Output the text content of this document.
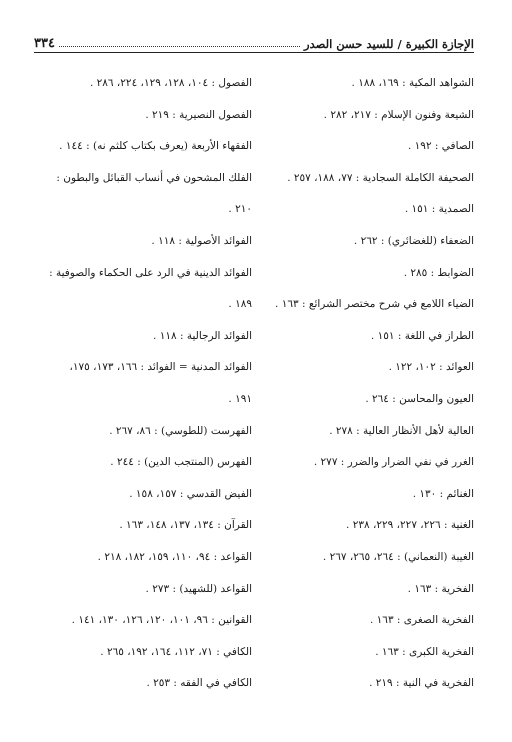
٣٣٤	الإجازة الكبيرة / للسيد حسن الصدر
الشواهد المكية : ١٦٩، ١٨٨ .
الشيعة وفنون الإسلام : ٢١٧، ٢٨٢ .
الصافي : ١٩٢ .
الصحيفة الكاملة السجادية : ٧٧، ١٨٨، ٢٥٧ .
الصمدية : ١٥١ .
الضعفاء (للغضائري) : ٢٦٢ .
الضوابط : ٢٨٥ .
الضياء اللامع في شرح مختصر الشرائع : ١٦٣ .
الطراز في اللغة : ١٥١ .
العوائد : ١٠٢، ١٢٢ .
العيون والمحاسن : ٢٦٤ .
العالية لأهل الأنظار العالية : ٢٧٨ .
الغرر في نفي الضرار والضرر : ٢٧٧ .
الغنائم : ١٣٠ .
الغنية : ٢٢٦، ٢٢٧، ٢٢٩، ٢٣٨ .
الغيبة (النعماني) : ٢٦٤، ٢٦٥، ٢٦٧ .
الفخرية : ١٦٣ .
الفخرية الصغرى : ١٦٣ .
الفخرية الكبرى : ١٦٣ .
الفخرية في النية : ٢١٩ .
الفصول : ١٠٤، ١٢٨، ١٢٩، ٢٢٤، ٢٨٦ .
الفصول النصيرية : ٢١٩ .
الفقهاء الأربعة (يعرف بكتاب كلثم نه) : ١٤٤ .
الفلك المشحون في أنساب القبائل والبطون :
٢١٠ .
الفوائد الأصولية : ١١٨ .
الفوائد الدينية في الرد على الحكماء والصوفية :
١٨٩ .
الفوائد الرجالية : ١١٨ .
الفوائد المدنية = الفوائد : ١٦٦، ١٧٣، ١٧٥،
١٩١ .
الفهرست (للطوسي) : ٨٦، ٢٦٧ .
الفهرس (المنتجب الدين) : ٢٤٤ .
الفيض القدسي : ١٥٧، ١٥٨ .
القرآن : ١٣٤، ١٣٧، ١٤٨، ١٦٣ .
القواعد : ٩٤، ١١٠، ١٥٩، ١٨٢، ٢١٨ .
القواعد (للشهيد) : ٢٧٣ .
القوانين : ٩٦، ١٠١، ١٢٠، ١٢٦، ١٣٠، ١٤١ .
الكافي : ٧١، ١١٢، ١٦٤، ١٩٢، ٢٦٥ .
الكافي في الفقه : ٢٥٣ .
